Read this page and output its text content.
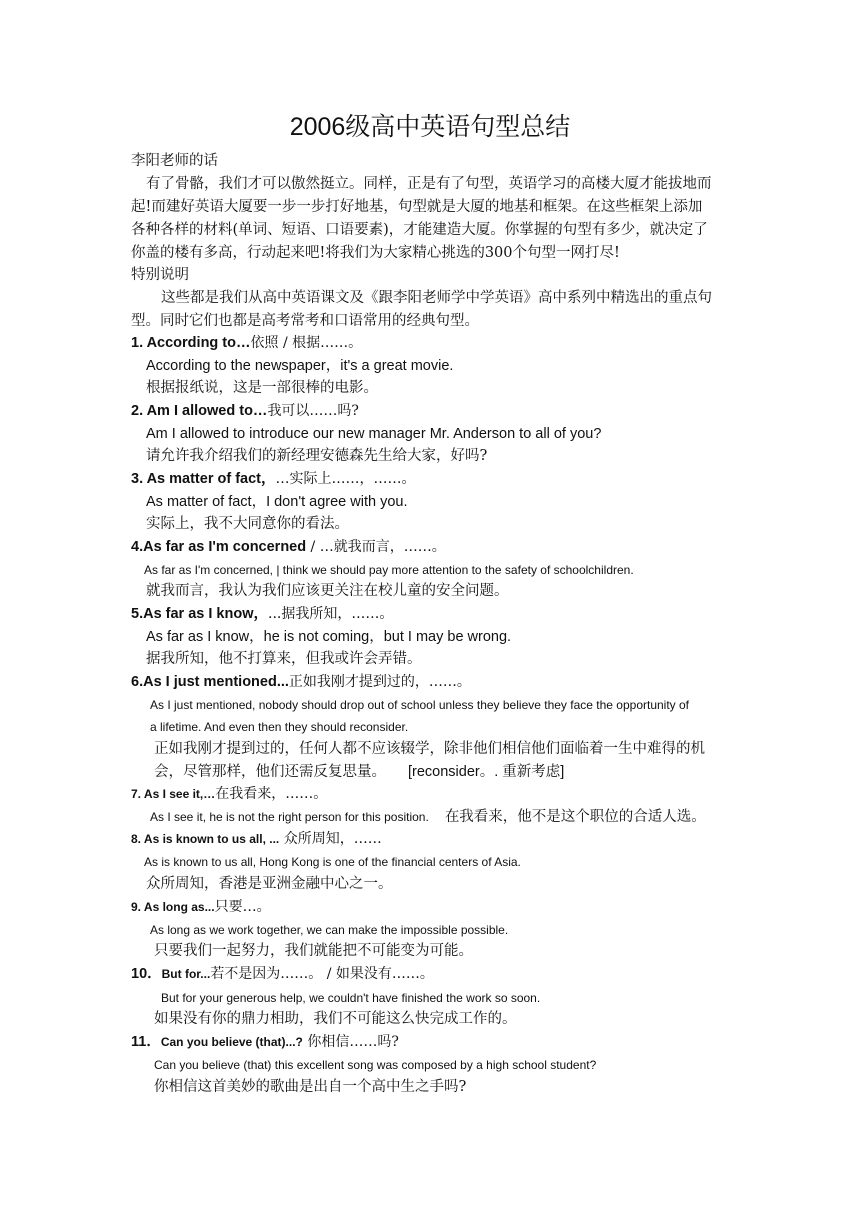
2006级高中英语句型总结
李阳老师的话
有了骨骼，我们才可以傲然挺立。同样，正是有了句型，英语学习的高楼大厦才能拔地而
起!而建好英语大厦要一步一步打好地基，句型就是大厦的地基和框架。在这些框架上添加
各种各样的材料(单词、短语、口语要素)，才能建造大厦。你掌握的句型有多少，就决定了
你盖的楼有多高，行动起来吧!将我们为大家精心挑选的300个句型一网打尽!
特别说明
这些都是我们从高中英语课文及《跟李阳老师学中学英语》高中系列中精选出的重点句
型。同时它们也都是高考常考和口语常用的经典句型。
1. According to…依照 / 根据……。
According to the newspaper，it's a great movie.
根据报纸说，这是一部很棒的电影。
2. Am I allowed to…我可以……吗?
Am I allowed to introduce our new manager Mr. Anderson to all of you?
请允许我介绍我们的新经理安德森先生给大家，好吗?
3. As matter of fact，…实际上……，……。
As matter of fact，I don't agree with you.
实际上，我不大同意你的看法。
4.As far as I'm concerned / …就我而言，……。
As far as I'm concerned, | think we should pay more attention to the safety of schoolchildren.
就我而言，我认为我们应该更关注在校儿童的安全问题。
5.As far as I know，...据我所知，……。
As far as I know，he is not coming，but I may be wrong.
据我所知，他不打算来，但我或许会弄错。
6.As I just mentioned...正如我刚才提到过的，……。
As I just mentioned, nobody should drop out of school unless they believe they face the opportunity of
a lifetime. And even then they should reconsider.
正如我刚才提到过的，任何人都不应该辍学，除非他们相信他们面临着一生中难得的机
会，尽管那样，他们还需反复思量。 [reconsider。. 重新考虑]
7. As I see it,…在我看来，……。
As I see it, he is not the right person for this position. 在我看来，他不是这个职位的合适人选。
8. As is known to us all, ... 众所周知，……
As is known to us all, Hong Kong is one of the financial centers of Asia.
众所周知，香港是亚洲金融中心之一。
9. As long as...只要…。
As long as we work together, we can make the impossible possible.
只要我们一起努力，我们就能把不可能变为可能。
10．But for...若不是因为……。 / 如果没有……。
But for your generous help, we couldn't have finished the work so soon.
如果没有你的鼎力相助，我们不可能这么快完成工作的。
11．Can you believe (that)...? 你相信……吗?
Can you believe (that) this excellent song was composed by a high school student?
你相信这首美妙的歌曲是出自一个高中生之手吗?
